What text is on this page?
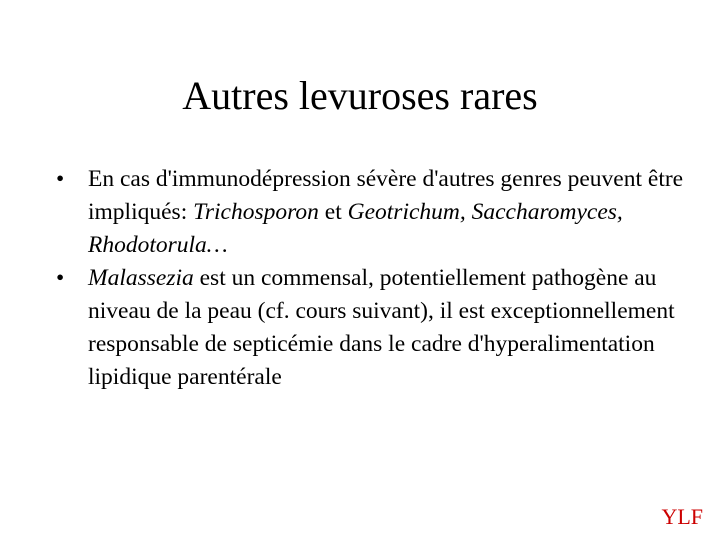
Autres levuroses rares
• En cas d'immunodépression sévère d'autres genres peuvent être impliqués: Trichosporon et Geotrichum, Saccharomyces, Rhodotorula…
• Malassezia est un commensal, potentiellement pathogène au niveau de la peau (cf. cours suivant), il est exceptionnellement responsable de septicémie dans le cadre d'hyperalimentation lipidique parentérale
YLF
